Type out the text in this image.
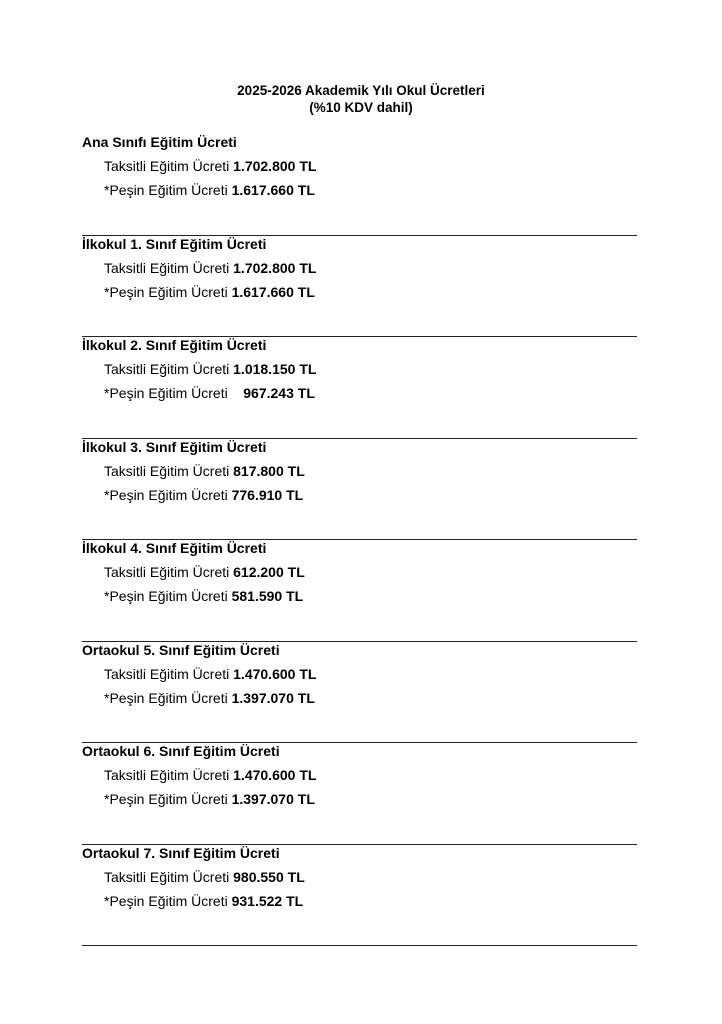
2025-2026 Akademik Yılı Okul Ücretleri
(%10 KDV dahil)
Ana Sınıfı Eğitim Ücreti
Taksitli Eğitim Ücreti 1.702.800 TL
*Peşin Eğitim Ücreti 1.617.660 TL
İlkokul 1. Sınıf Eğitim Ücreti
Taksitli Eğitim Ücreti 1.702.800 TL
*Peşin Eğitim Ücreti 1.617.660 TL
İlkokul 2. Sınıf Eğitim Ücreti
Taksitli Eğitim Ücreti 1.018.150 TL
*Peşin Eğitim Ücreti    967.243 TL
İlkokul 3. Sınıf Eğitim Ücreti
Taksitli Eğitim Ücreti 817.800 TL
*Peşin Eğitim Ücreti 776.910 TL
İlkokul 4. Sınıf Eğitim Ücreti
Taksitli Eğitim Ücreti 612.200 TL
*Peşin Eğitim Ücreti 581.590 TL
Ortaokul 5. Sınıf Eğitim Ücreti
Taksitli Eğitim Ücreti 1.470.600 TL
*Peşin Eğitim Ücreti 1.397.070 TL
Ortaokul 6. Sınıf Eğitim Ücreti
Taksitli Eğitim Ücreti 1.470.600 TL
*Peşin Eğitim Ücreti 1.397.070 TL
Ortaokul 7. Sınıf Eğitim Ücreti
Taksitli Eğitim Ücreti 980.550 TL
*Peşin Eğitim Ücreti 931.522 TL
